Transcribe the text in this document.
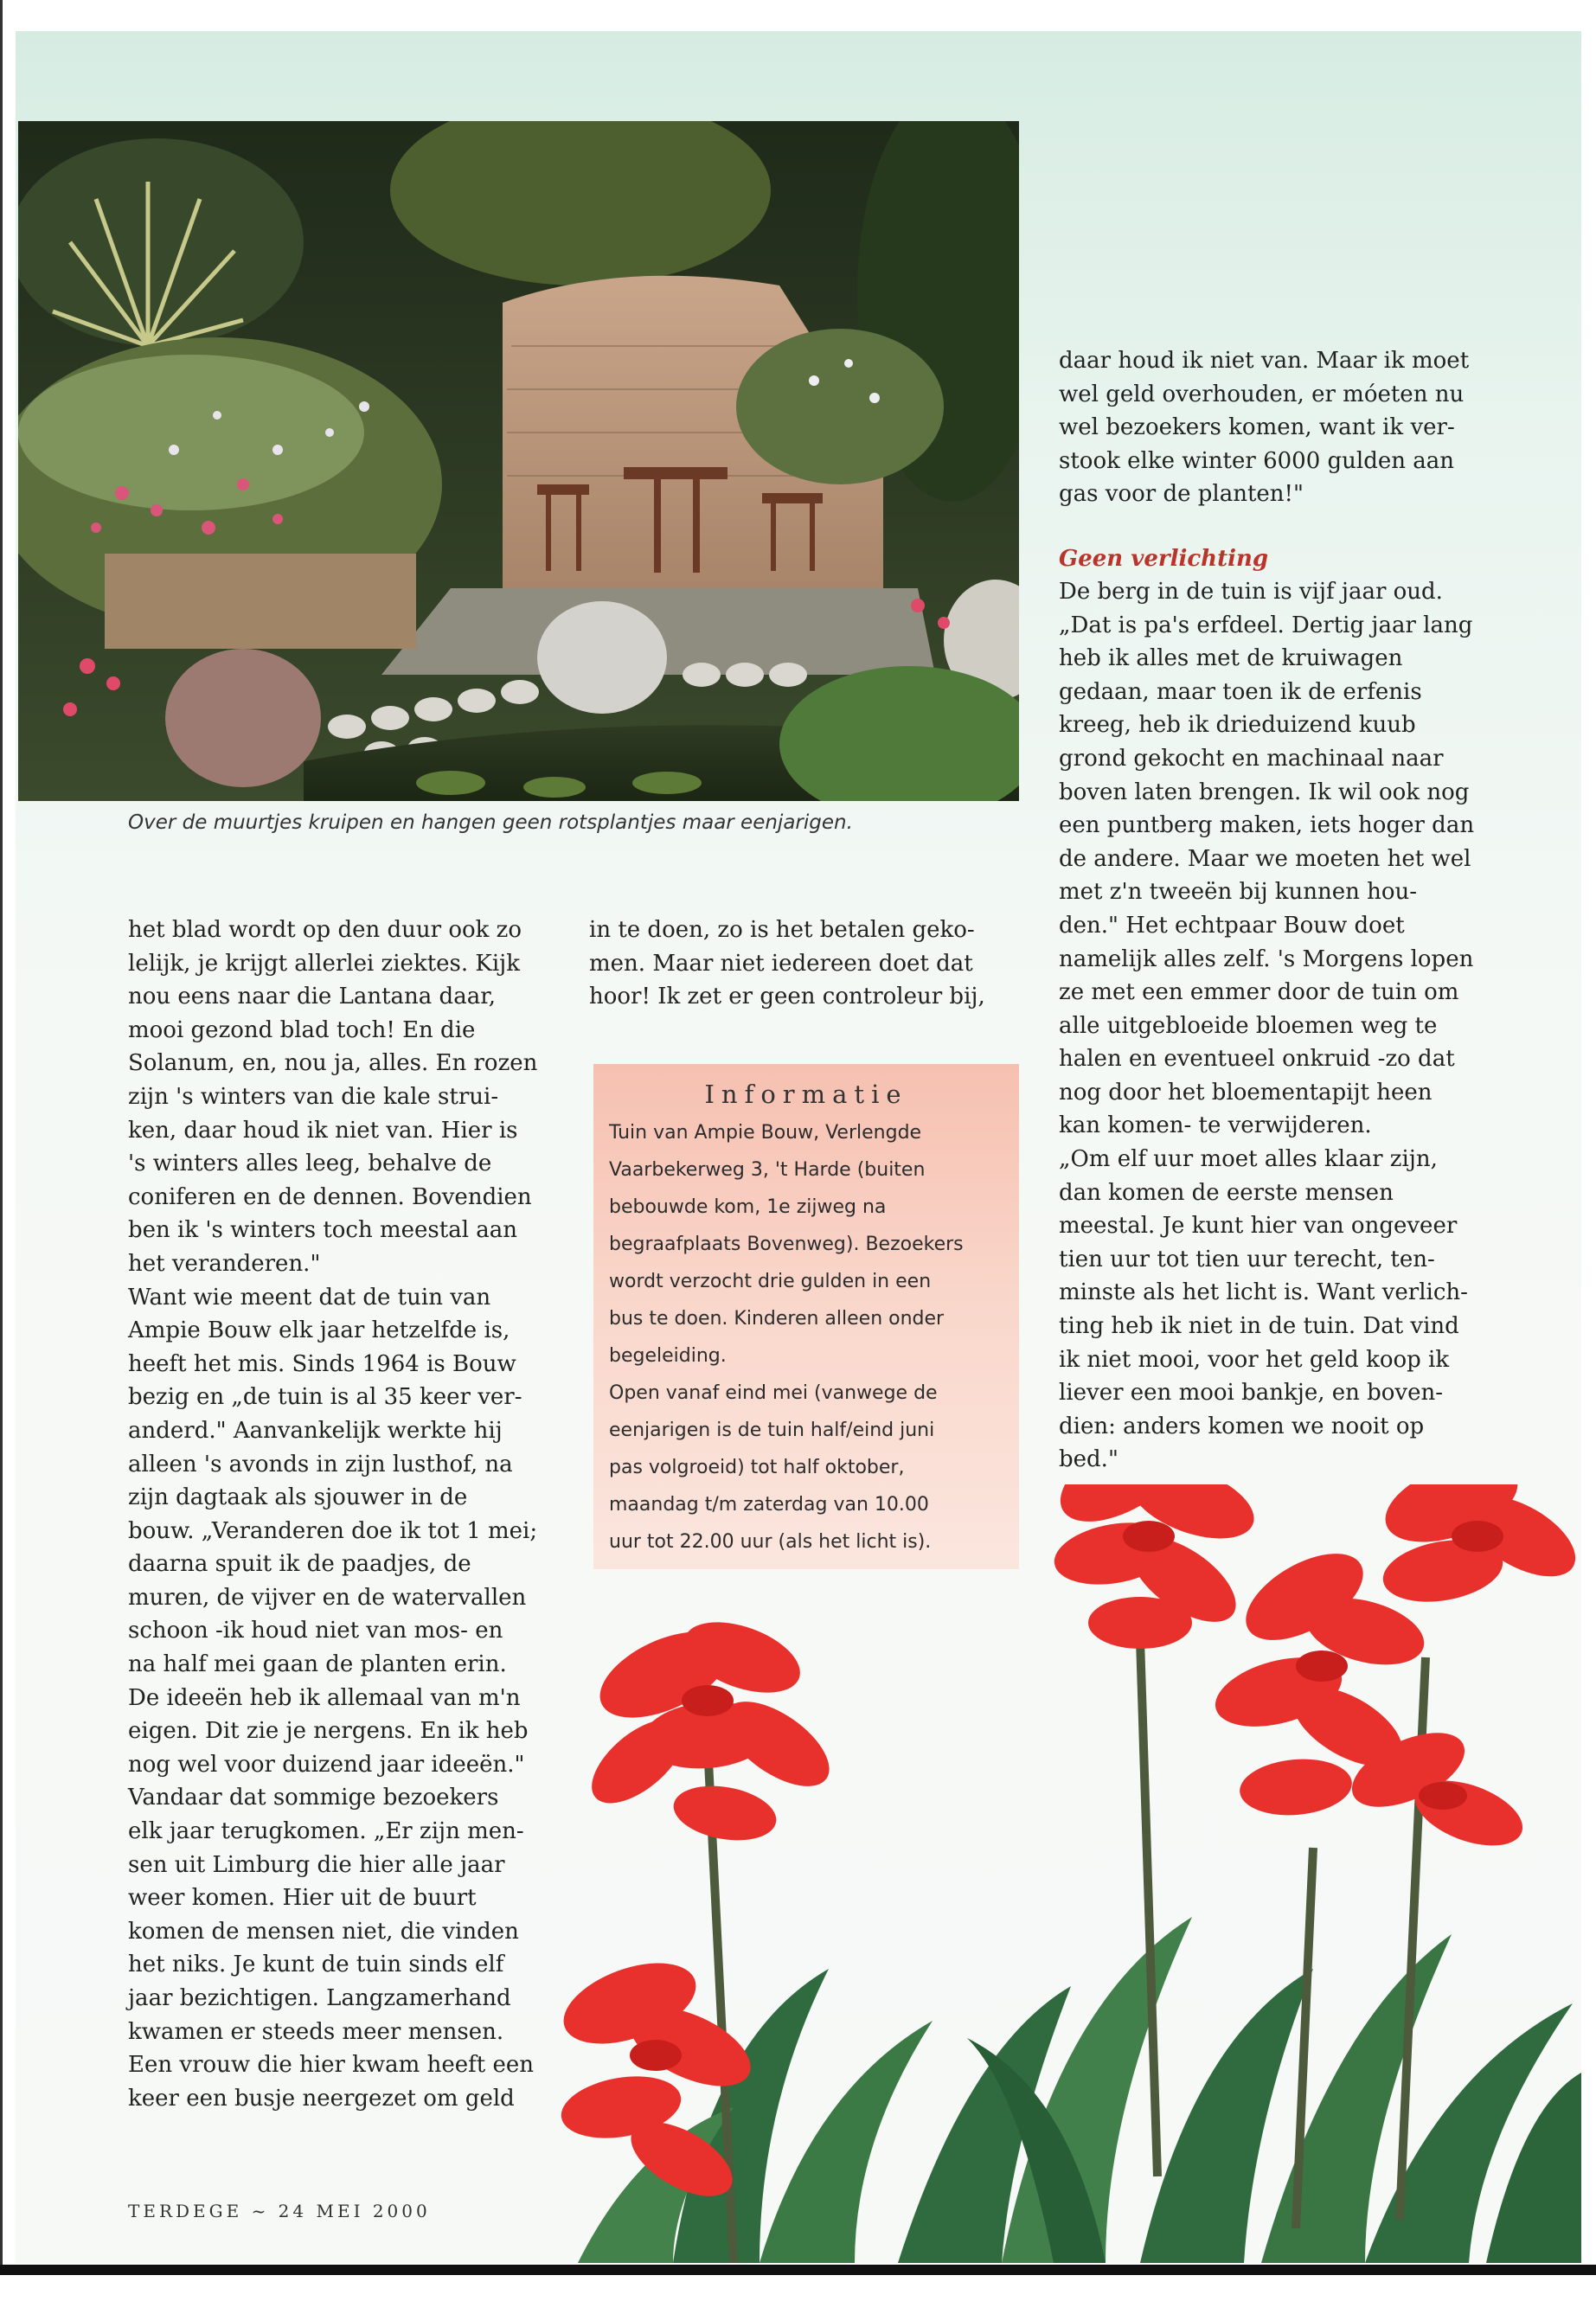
Over de muurtjes kruipen en hangen geen rotsplantjes maar eenjarigen.

het blad wordt op den duur ook zo
lelijk, je krijgt allerlei ziektes. Kijk
nou eens naar die Lantana daar,
mooi gezond blad toch! En die
Solanum, en, nou ja, alles. En rozen
zijn 's winters van die kale strui-
ken, daar houd ik niet van. Hier is
's winters alles leeg, behalve de
coniferen en de dennen. Bovendien
ben ik 's winters toch meestal aan
het veranderen."
Want wie meent dat de tuin van
Ampie Bouw elk jaar hetzelfde is,
heeft het mis. Sinds 1964 is Bouw
bezig en „de tuin is al 35 keer ver-
anderd." Aanvankelijk werkte hij
alleen 's avonds in zijn lusthof, na
zijn dagtaak als sjouwer in de
bouw. „Veranderen doe ik tot 1 mei;
daarna spuit ik de paadjes, de
muren, de vijver en de watervallen
schoon -ik houd niet van mos- en
na half mei gaan de planten erin.
De ideeën heb ik allemaal van m'n
eigen. Dit zie je nergens. En ik heb
nog wel voor duizend jaar ideeën."
Vandaar dat sommige bezoekers
elk jaar terugkomen. „Er zijn men-
sen uit Limburg die hier alle jaar
weer komen. Hier uit de buurt
komen de mensen niet, die vinden
het niks. Je kunt de tuin sinds elf
jaar bezichtigen. Langzamerhand
kwamen er steeds meer mensen.
Een vrouw die hier kwam heeft een
keer een busje neergezet om geld

in te doen, zo is het betalen geko-
men. Maar niet iedereen doet dat
hoor! Ik zet er geen controleur bij,

Informatie
Tuin van Ampie Bouw, Verlengde
Vaarbekerweg 3, 't Harde (buiten
bebouwde kom, 1e zijweg na
begraafplaats Bovenweg). Bezoekers
wordt verzocht drie gulden in een
bus te doen. Kinderen alleen onder
begeleiding.
Open vanaf eind mei (vanwege de
eenjarigen is de tuin half/eind juni
pas volgroeid) tot half oktober,
maandag t/m zaterdag van 10.00
uur tot 22.00 uur (als het licht is).

daar houd ik niet van. Maar ik moet
wel geld overhouden, er móeten nu
wel bezoekers komen, want ik ver-
stook elke winter 6000 gulden aan
gas voor de planten!"

Geen verlichting

De berg in de tuin is vijf jaar oud.
„Dat is pa's erfdeel. Dertig jaar lang
heb ik alles met de kruiwagen
gedaan, maar toen ik de erfenis
kreeg, heb ik drieduizend kuub
grond gekocht en machinaal naar
boven laten brengen. Ik wil ook nog
een puntberg maken, iets hoger dan
de andere. Maar we moeten het wel
met z'n tweeën bij kunnen hou-
den." Het echtpaar Bouw doet
namelijk alles zelf. 's Morgens lopen
ze met een emmer door de tuin om
alle uitgebloeide bloemen weg te
halen en eventueel onkruid -zo dat
nog door het bloementapijt heen
kan komen- te verwijderen.
„Om elf uur moet alles klaar zijn,
dan komen de eerste mensen
meestal. Je kunt hier van ongeveer
tien uur tot tien uur terecht, ten-
minste als het licht is. Want verlich-
ting heb ik niet in de tuin. Dat vind
ik niet mooi, voor het geld koop ik
liever een mooi bankje, en boven-
dien: anders komen we nooit op
bed."

TERDEGE ~ 24 MEI 2000
